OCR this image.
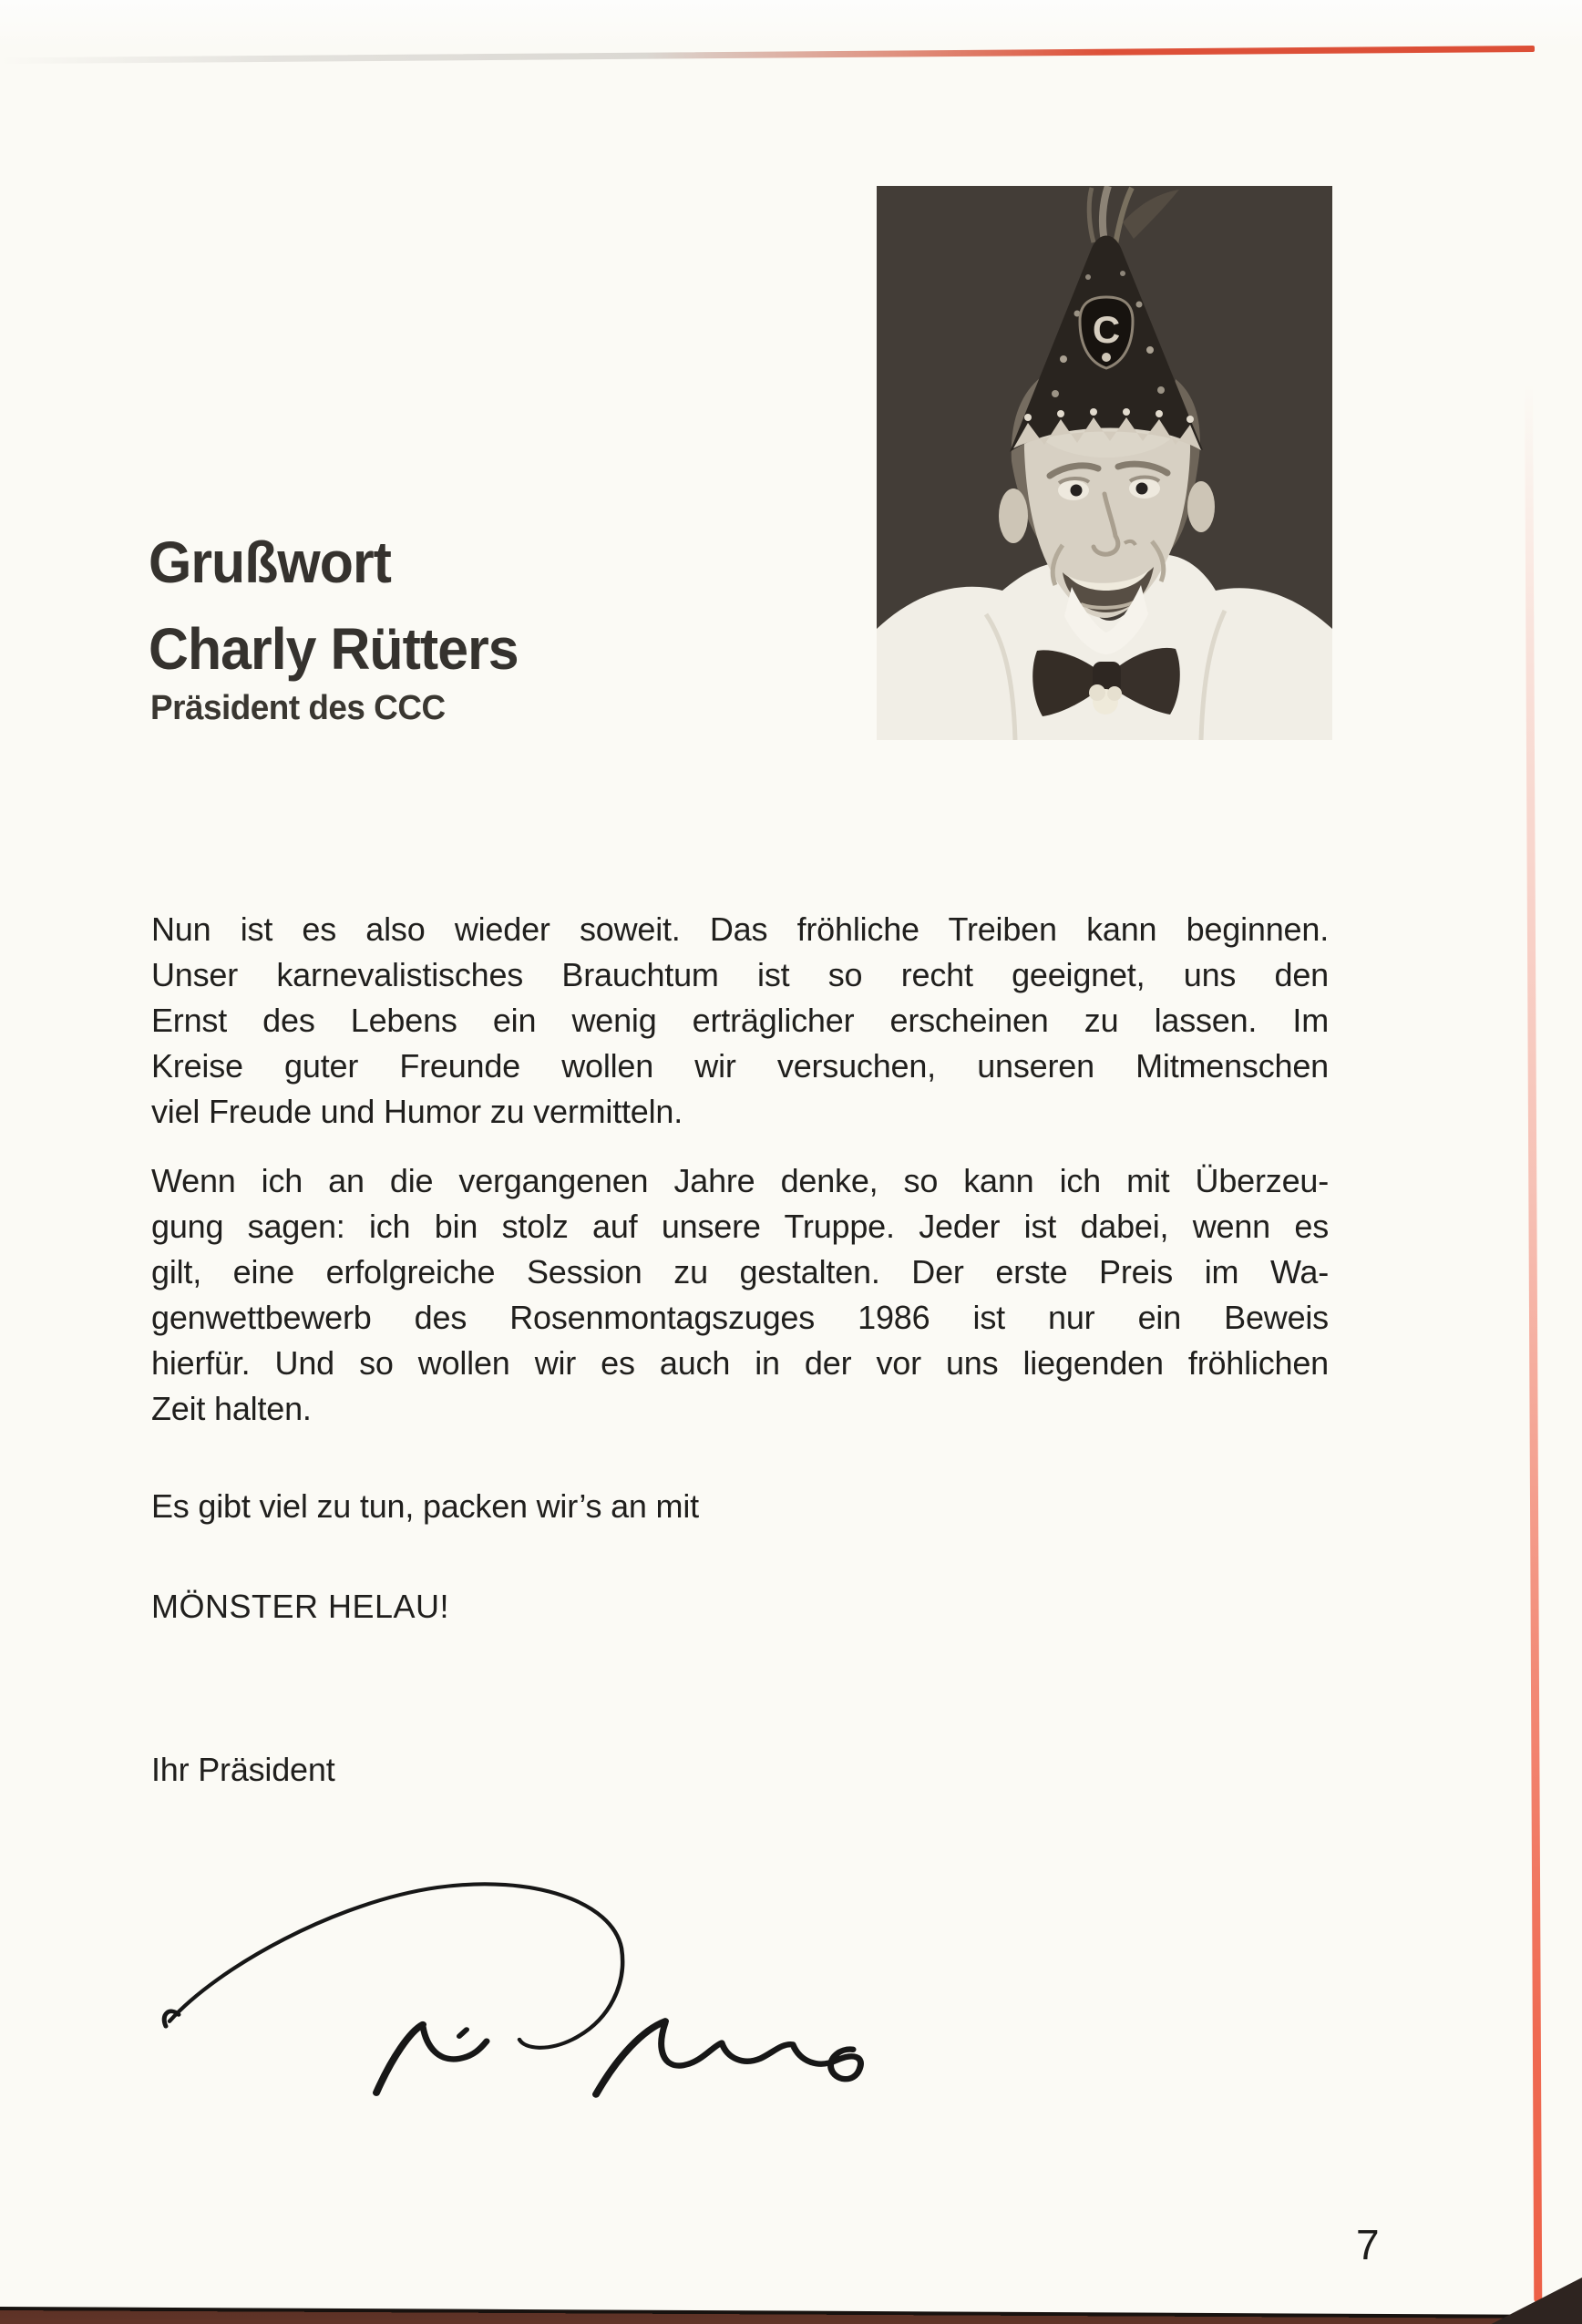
C
Grußwort
Charly Rütters
Präsident des CCC
Nun ist es also wieder soweit. Das fröhliche Treiben kann beginnen.
Unser karnevalistisches Brauchtum ist so recht geeignet, uns den
Ernst des Lebens ein wenig erträglicher erscheinen zu lassen. Im
Kreise guter Freunde wollen wir versuchen, unseren Mitmenschen
viel Freude und Humor zu vermitteln.
Wenn ich an die vergangenen Jahre denke, so kann ich mit Überzeu-
gung sagen: ich bin stolz auf unsere Truppe. Jeder ist dabei, wenn es
gilt, eine erfolgreiche Session zu gestalten. Der erste Preis im Wa-
genwettbewerb des Rosenmontagszuges 1986 ist nur ein Beweis
hierfür. Und so wollen wir es auch in der vor uns liegenden fröhlichen
Zeit halten.
Es gibt viel zu tun, packen wir’s an mit
MÖNSTER HELAU!
Ihr Präsident
7
